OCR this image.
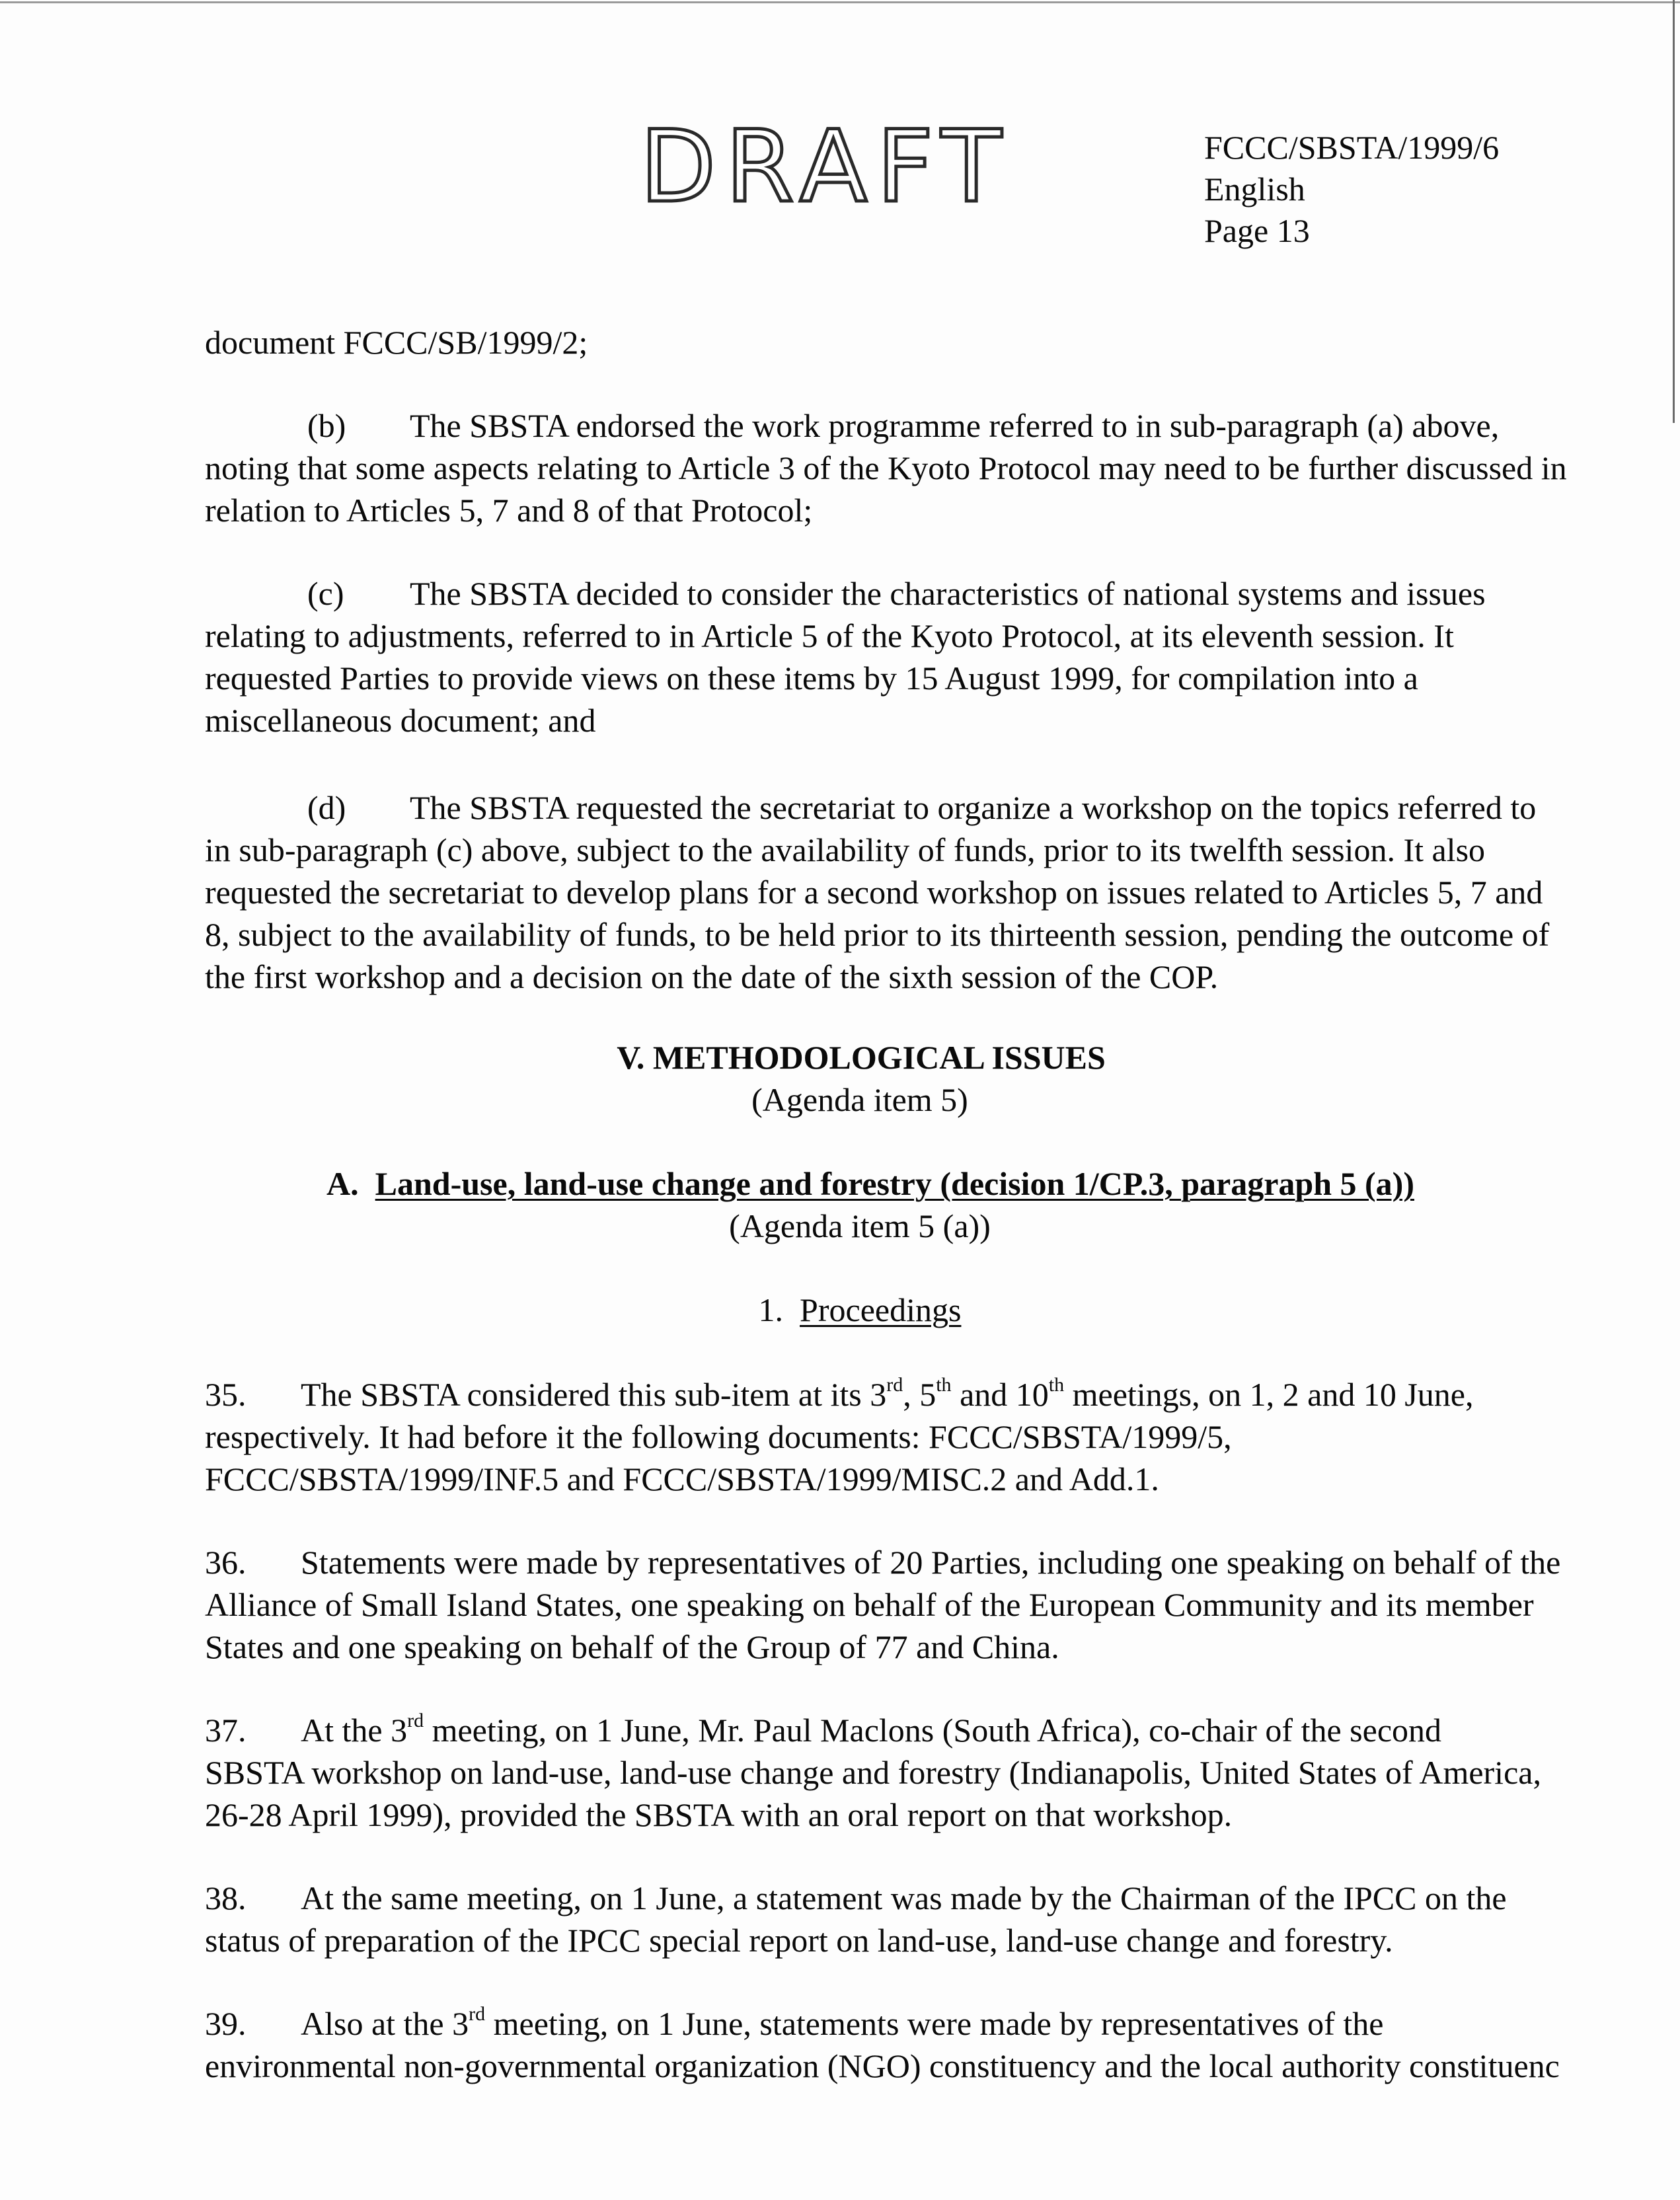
DRAFT	FCCC/SBSTA/1999/6
English
Page 13
document FCCC/SB/1999/2;
(b) The SBSTA endorsed the work programme referred to in sub-paragraph (a) above,
noting that some aspects relating to Article 3 of the Kyoto Protocol may need to be further discussed in
relation to Articles 5, 7 and 8 of that Protocol;
(c) The SBSTA decided to consider the characteristics of national systems and issues
relating to adjustments, referred to in Article 5 of the Kyoto Protocol, at its eleventh session. It
requested Parties to provide views on these items by 15 August 1999, for compilation into a
miscellaneous document; and
(d) The SBSTA requested the secretariat to organize a workshop on the topics referred to
in sub-paragraph (c) above, subject to the availability of funds, prior to its twelfth session. It also
requested the secretariat to develop plans for a second workshop on issues related to Articles 5, 7 and
8, subject to the availability of funds, to be held prior to its thirteenth session, pending the outcome of
the first workshop and a decision on the date of the sixth session of the COP.
V. METHODOLOGICAL ISSUES
(Agenda item 5)
A. Land-use, land-use change and forestry (decision 1/CP.3, paragraph 5 (a))
(Agenda item 5 (a))
1. Proceedings
35. The SBSTA considered this sub-item at its 3rd, 5th and 10th meetings, on 1, 2 and 10 June,
respectively. It had before it the following documents: FCCC/SBSTA/1999/5,
FCCC/SBSTA/1999/INF.5 and FCCC/SBSTA/1999/MISC.2 and Add.1.
36. Statements were made by representatives of 20 Parties, including one speaking on behalf of the
Alliance of Small Island States, one speaking on behalf of the European Community and its member
States and one speaking on behalf of the Group of 77 and China.
37. At the 3rd meeting, on 1 June, Mr. Paul Maclons (South Africa), co-chair of the second
SBSTA workshop on land-use, land-use change and forestry (Indianapolis, United States of America,
26-28 April 1999), provided the SBSTA with an oral report on that workshop.
38. At the same meeting, on 1 June, a statement was made by the Chairman of the IPCC on the
status of preparation of the IPCC special report on land-use, land-use change and forestry.
39. Also at the 3rd meeting, on 1 June, statements were made by representatives of the
environmental non-governmental organization (NGO) constituency and the local authority constituenc
